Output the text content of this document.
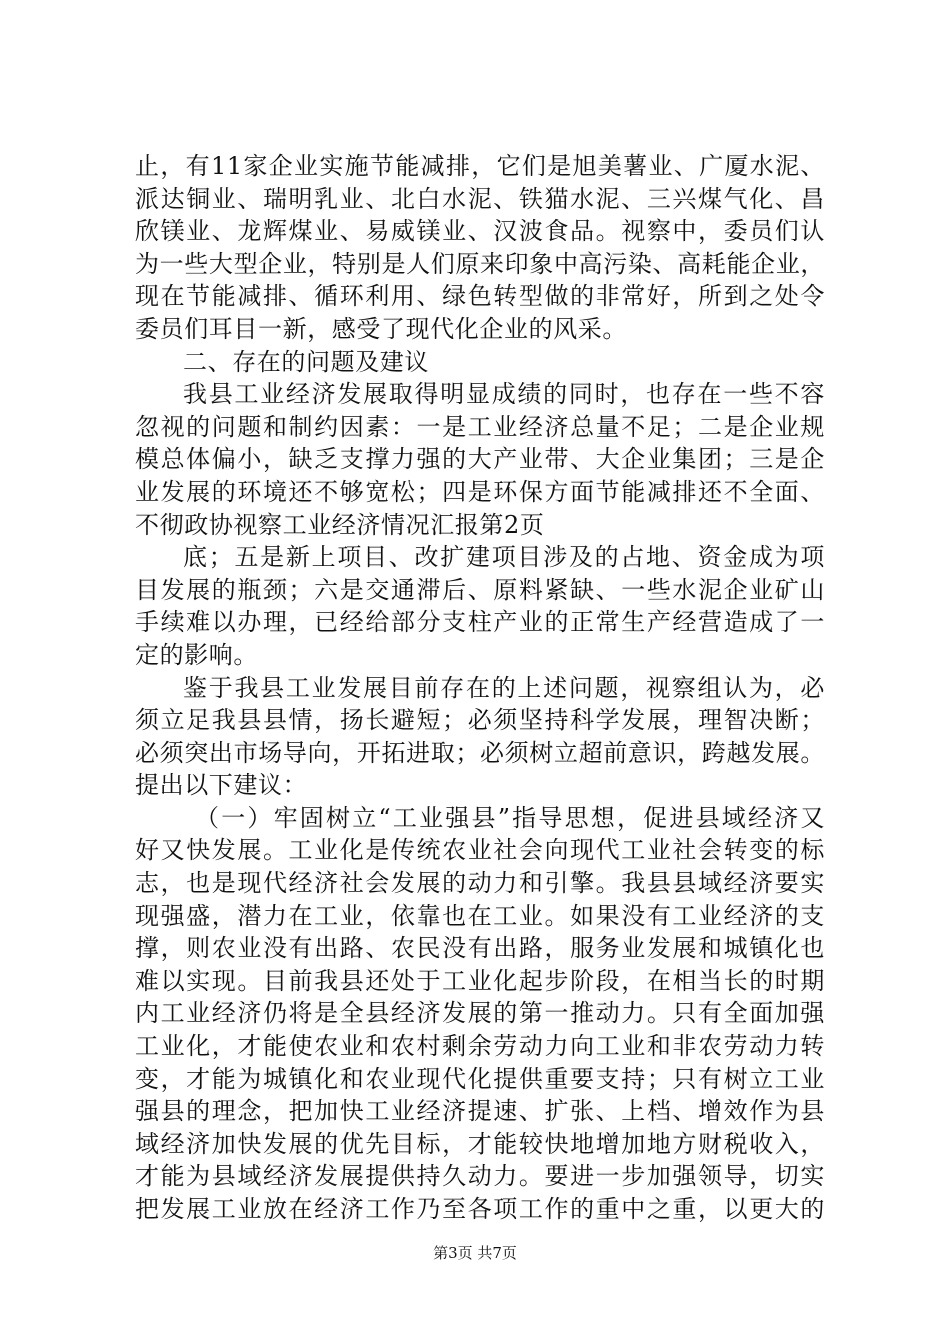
止，有11家企业实施节能减排，它们是旭美薯业、广厦水泥、
派达铜业、瑞明乳业、北白水泥、铁猫水泥、三兴煤气化、昌
欣镁业、龙辉煤业、易威镁业、汉波食品。视察中，委员们认
为一些大型企业，特别是人们原来印象中高污染、高耗能企业，
现在节能减排、循环利用、绿色转型做的非常好，所到之处令
委员们耳目一新，感受了现代化企业的风采。
二、存在的问题及建议
我县工业经济发展取得明显成绩的同时，也存在一些不容
忽视的问题和制约因素：一是工业经济总量不足；二是企业规
模总体偏小，缺乏支撑力强的大产业带、大企业集团；三是企
业发展的环境还不够宽松；四是环保方面节能减排还不全面、
不彻政协视察工业经济情况汇报第2页
底；五是新上项目、改扩建项目涉及的占地、资金成为项
目发展的瓶颈；六是交通滞后、原料紧缺、一些水泥企业矿山
手续难以办理，已经给部分支柱产业的正常生产经营造成了一
定的影响。
鉴于我县工业发展目前存在的上述问题，视察组认为，必
须立足我县县情，扬长避短；必须坚持科学发展，理智决断；
必须突出市场导向，开拓进取；必须树立超前意识，跨越发展。
提出以下建议：
（一）牢固树立“工业强县”指导思想，促进县域经济又
好又快发展。工业化是传统农业社会向现代工业社会转变的标
志，也是现代经济社会发展的动力和引擎。我县县域经济要实
现强盛，潜力在工业，依靠也在工业。如果没有工业经济的支
撑，则农业没有出路、农民没有出路，服务业发展和城镇化也
难以实现。目前我县还处于工业化起步阶段，在相当长的时期
内工业经济仍将是全县经济发展的第一推动力。只有全面加强
工业化，才能使农业和农村剩余劳动力向工业和非农劳动力转
变，才能为城镇化和农业现代化提供重要支持；只有树立工业
强县的理念，把加快工业经济提速、扩张、上档、增效作为县
域经济加快发展的优先目标，才能较快地增加地方财税收入，
才能为县域经济发展提供持久动力。要进一步加强领导，切实
把发展工业放在经济工作乃至各项工作的重中之重，以更大的
第3页 共7页
